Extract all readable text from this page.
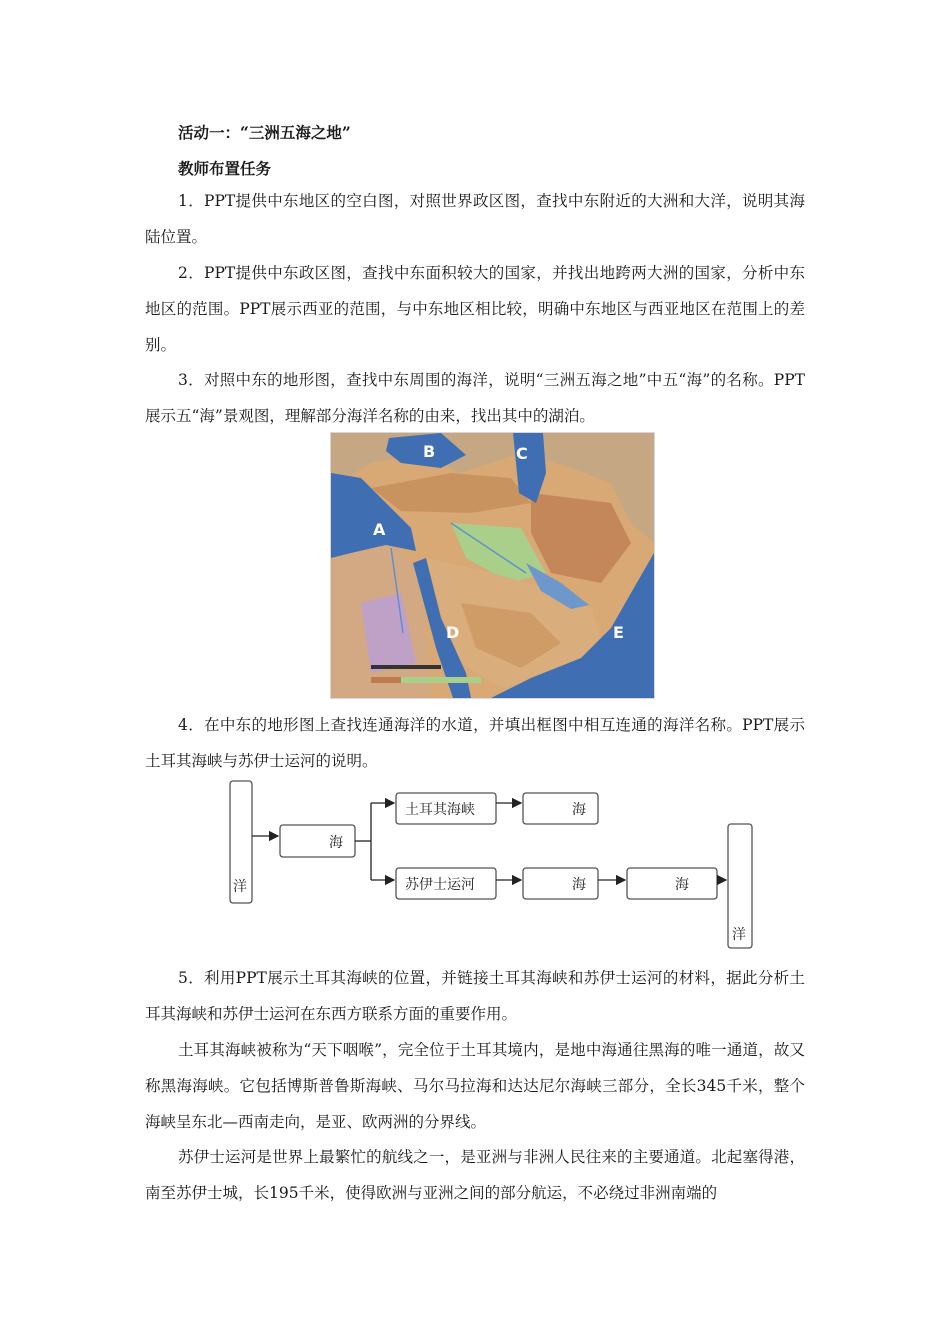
活动一：“三洲五海之地”

教师布置任务

1．PPT提供中东地区的空白图，对照世界政区图，查找中东附近的大洲和大洋，说明其海陆位置。

2．PPT提供中东政区图，查找中东面积较大的国家，并找出地跨两大洲的国家，分析中东地区的范围。PPT展示西亚的范围，与中东地区相比较，明确中东地区与西亚地区在范围上的差别。

3．对照中东的地形图，查找中东周围的海洋，说明“三洲五海之地”中五“海”的名称。PPT展示五“海”景观图，理解部分海洋名称的由来，找出其中的湖泊。

A
B	C
D	E

4．在中东的地形图上查找连通海洋的水道，并填出框图中相互连通的海洋名称。PPT展示土耳其海峡与苏伊士运河的说明。

洋
海
土耳其海峡	海
苏伊士运河	海	海
洋

5．利用PPT展示土耳其海峡的位置，并链接土耳其海峡和苏伊士运河的材料，据此分析土耳其海峡和苏伊士运河在东西方联系方面的重要作用。

土耳其海峡被称为“天下咽喉”，完全位于土耳其境内，是地中海通往黑海的唯一通道，故又称黑海海峡。它包括博斯普鲁斯海峡、马尔马拉海和达达尼尔海峡三部分，全长345千米，整个海峡呈东北—西南走向，是亚、欧两洲的分界线。

苏伊士运河是世界上最繁忙的航线之一，是亚洲与非洲人民往来的主要通道。北起塞得港，南至苏伊士城，长195千米，使得欧洲与亚洲之间的部分航运，不必绕过非洲南端的
